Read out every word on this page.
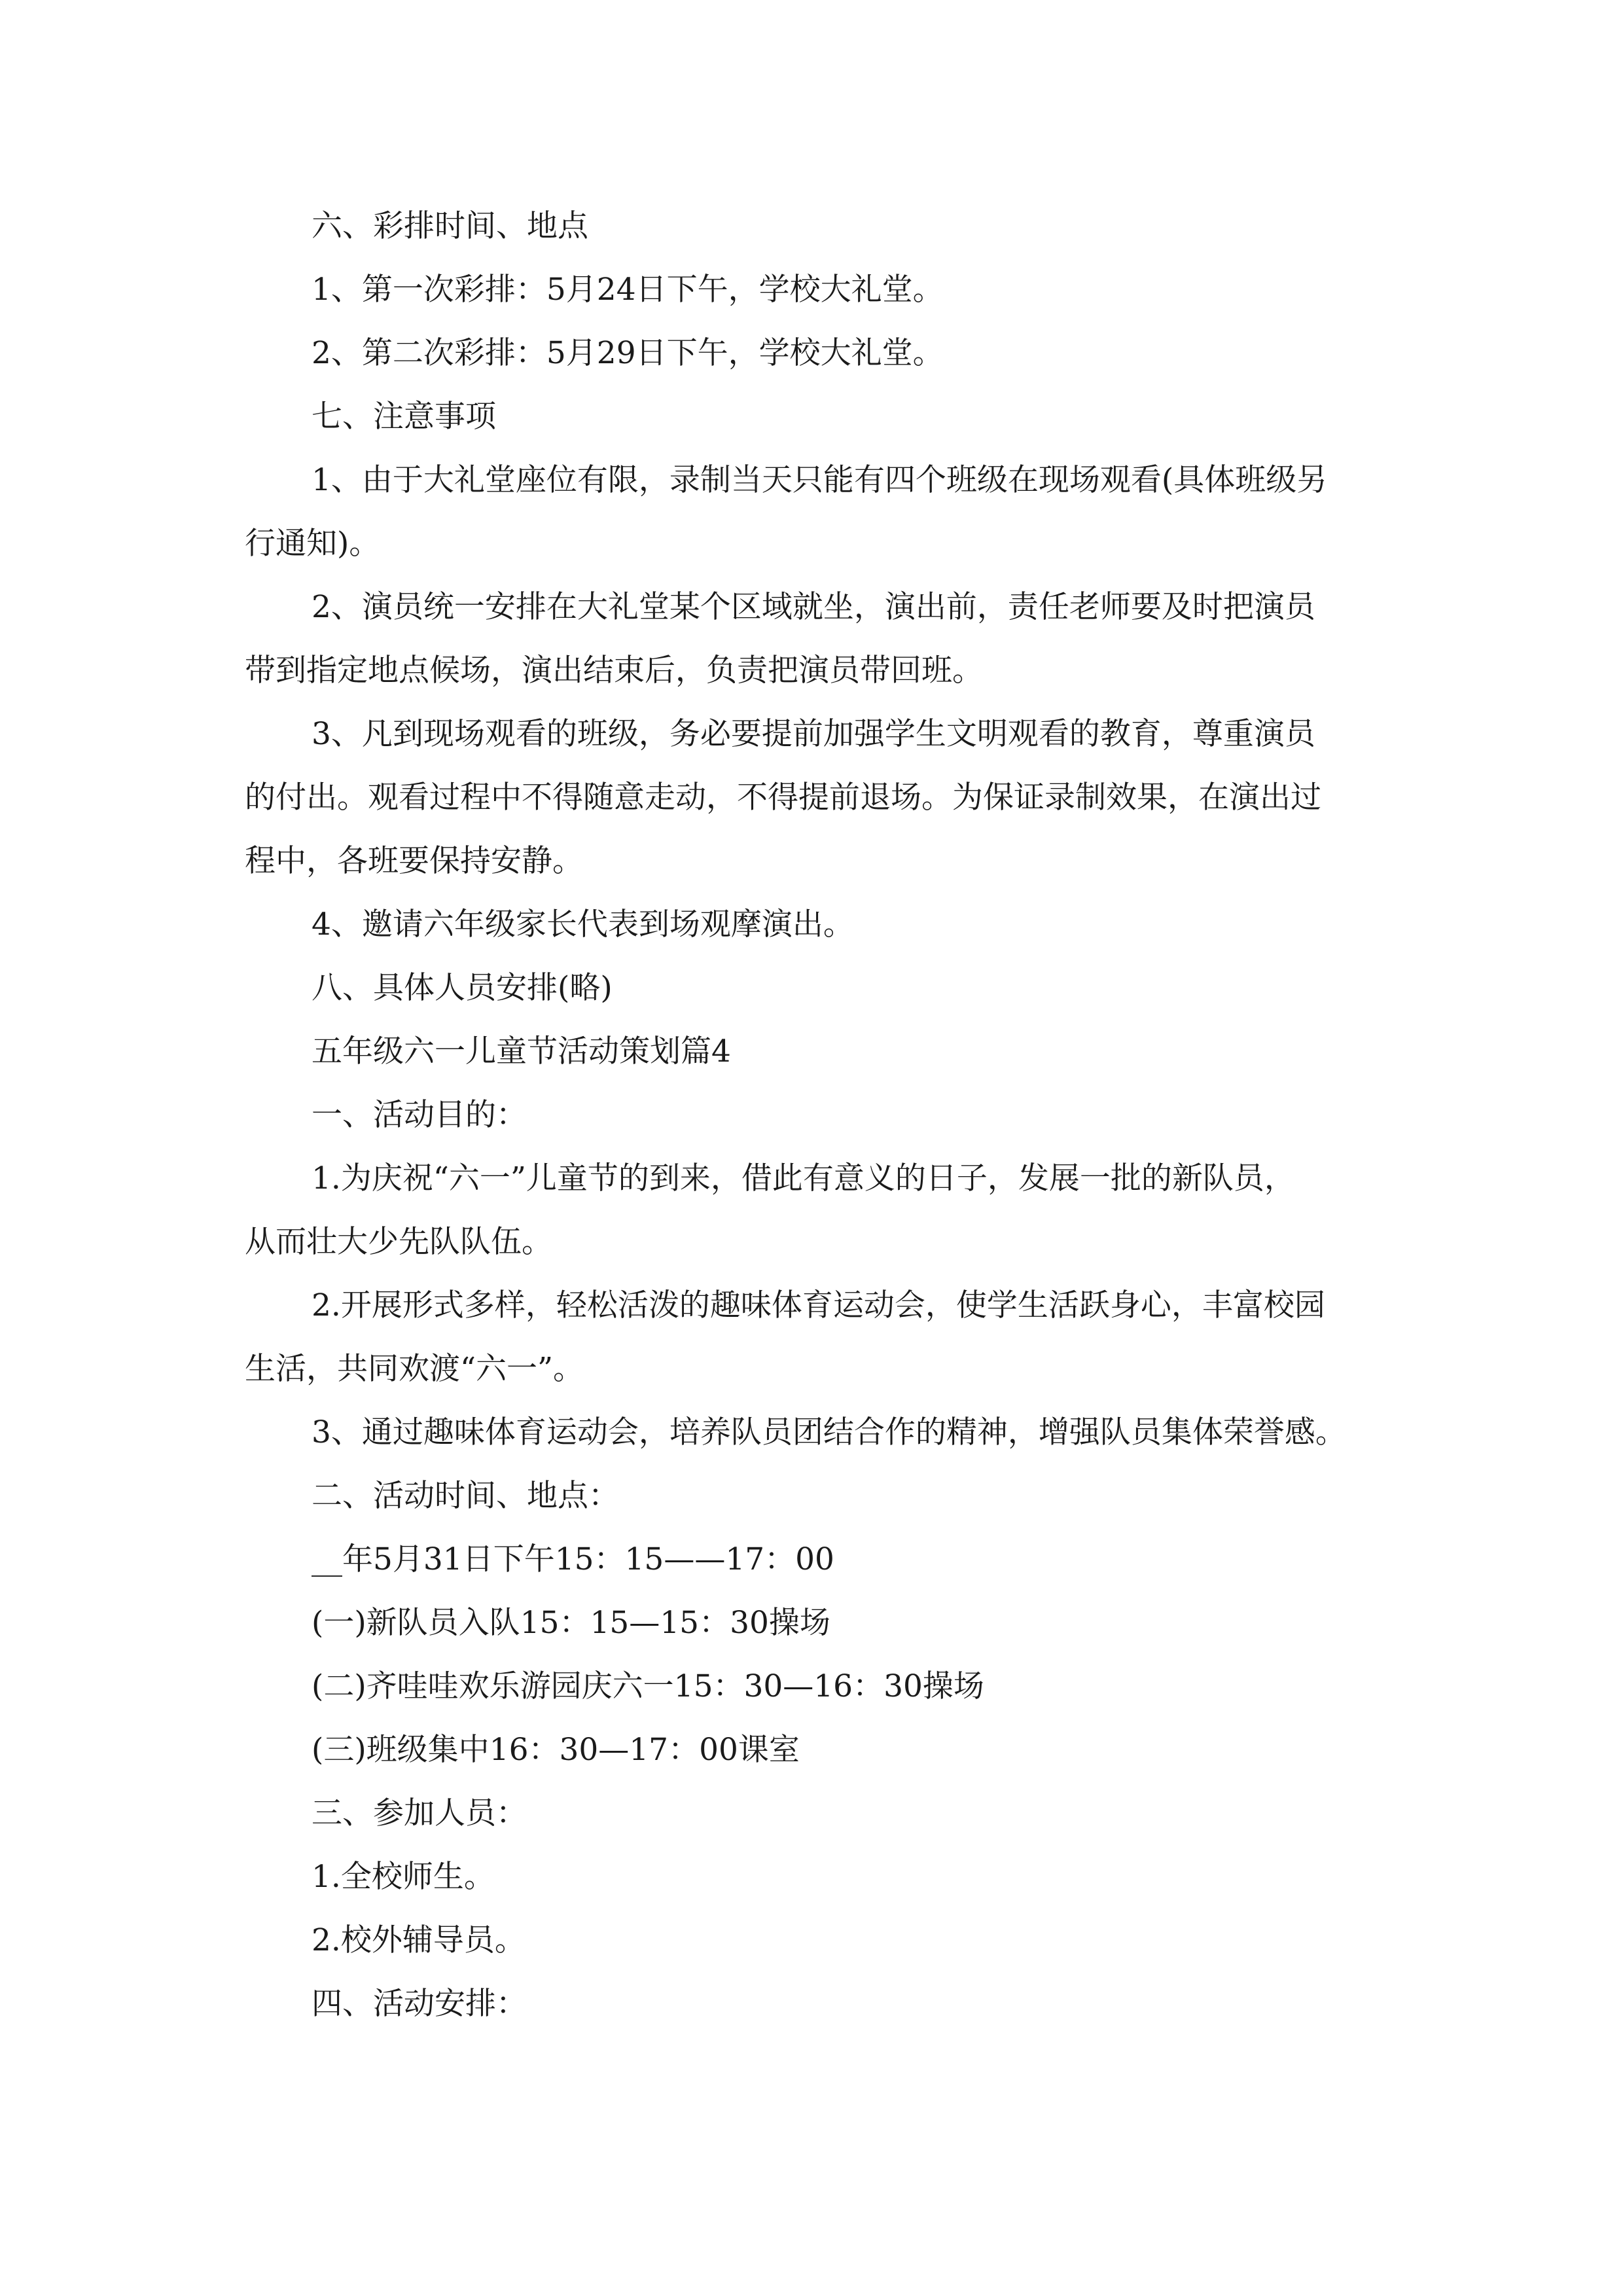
六、彩排时间、地点
1、第一次彩排：5月24日下午，学校大礼堂。
2、第二次彩排：5月29日下午，学校大礼堂。
七、注意事项
1、由于大礼堂座位有限，录制当天只能有四个班级在现场观看(具体班级另
行通知)。
2、演员统一安排在大礼堂某个区域就坐，演出前，责任老师要及时把演员
带到指定地点候场，演出结束后，负责把演员带回班。
3、凡到现场观看的班级，务必要提前加强学生文明观看的教育，尊重演员
的付出。观看过程中不得随意走动，不得提前退场。为保证录制效果，在演出过
程中，各班要保持安静。
4、邀请六年级家长代表到场观摩演出。
八、具体人员安排(略)
五年级六一儿童节活动策划篇4
一、活动目的：
1.为庆祝“六一”儿童节的到来，借此有意义的日子，发展一批的新队员，
从而壮大少先队队伍。
2.开展形式多样，轻松活泼的趣味体育运动会，使学生活跃身心，丰富校园
生活，共同欢渡“六一”。
3、通过趣味体育运动会，培养队员团结合作的精神，增强队员集体荣誉感。
二、活动时间、地点：
__年5月31日下午15：15——17：00
(一)新队员入队15：15—15：30操场
(二)齐哇哇欢乐游园庆六一15：30—16：30操场
(三)班级集中16：30—17：00课室
三、参加人员：
1.全校师生。
2.校外辅导员。
四、活动安排：
